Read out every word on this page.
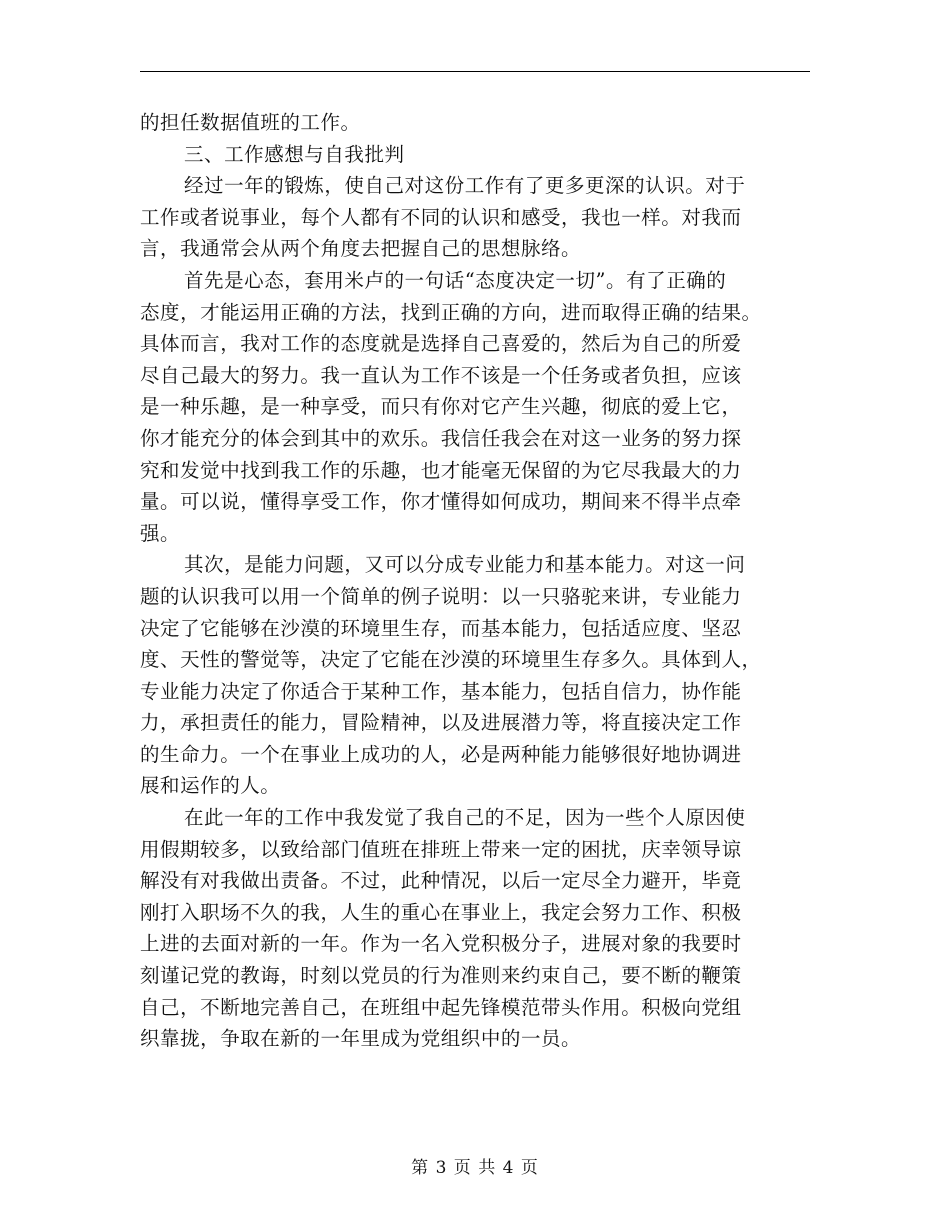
的担任数据值班的工作。
三、工作感想与自我批判
经过一年的锻炼，使自己对这份工作有了更多更深的认识。对于
工作或者说事业，每个人都有不同的认识和感受，我也一样。对我而
言，我通常会从两个角度去把握自己的思想脉络。
首先是心态，套用米卢的一句话“态度决定一切”。有了正确的
态度，才能运用正确的方法，找到正确的方向，进而取得正确的结果。
具体而言，我对工作的态度就是选择自己喜爱的，然后为自己的所爱
尽自己最大的努力。我一直认为工作不该是一个任务或者负担，应该
是一种乐趣，是一种享受，而只有你对它产生兴趣，彻底的爱上它，
你才能充分的体会到其中的欢乐。我信任我会在对这一业务的努力探
究和发觉中找到我工作的乐趣，也才能毫无保留的为它尽我最大的力
量。可以说，懂得享受工作，你才懂得如何成功，期间来不得半点牵
强。
其次，是能力问题，又可以分成专业能力和基本能力。对这一问
题的认识我可以用一个简单的例子说明：以一只骆驼来讲，专业能力
决定了它能够在沙漠的环境里生存，而基本能力，包括适应度、坚忍
度、天性的警觉等，决定了它能在沙漠的环境里生存多久。具体到人，
专业能力决定了你适合于某种工作，基本能力，包括自信力，协作能
力，承担责任的能力，冒险精神，以及进展潜力等，将直接决定工作
的生命力。一个在事业上成功的人，必是两种能力能够很好地协调进
展和运作的人。
在此一年的工作中我发觉了我自己的不足，因为一些个人原因使
用假期较多，以致给部门值班在排班上带来一定的困扰，庆幸领导谅
解没有对我做出责备。不过，此种情况，以后一定尽全力避开，毕竟
刚打入职场不久的我，人生的重心在事业上，我定会努力工作、积极
上进的去面对新的一年。作为一名入党积极分子，进展对象的我要时
刻谨记党的教诲，时刻以党员的行为准则来约束自己，要不断的鞭策
自己，不断地完善自己，在班组中起先锋模范带头作用。积极向党组
织靠拢，争取在新的一年里成为党组织中的一员。
第 3 页 共 4 页
